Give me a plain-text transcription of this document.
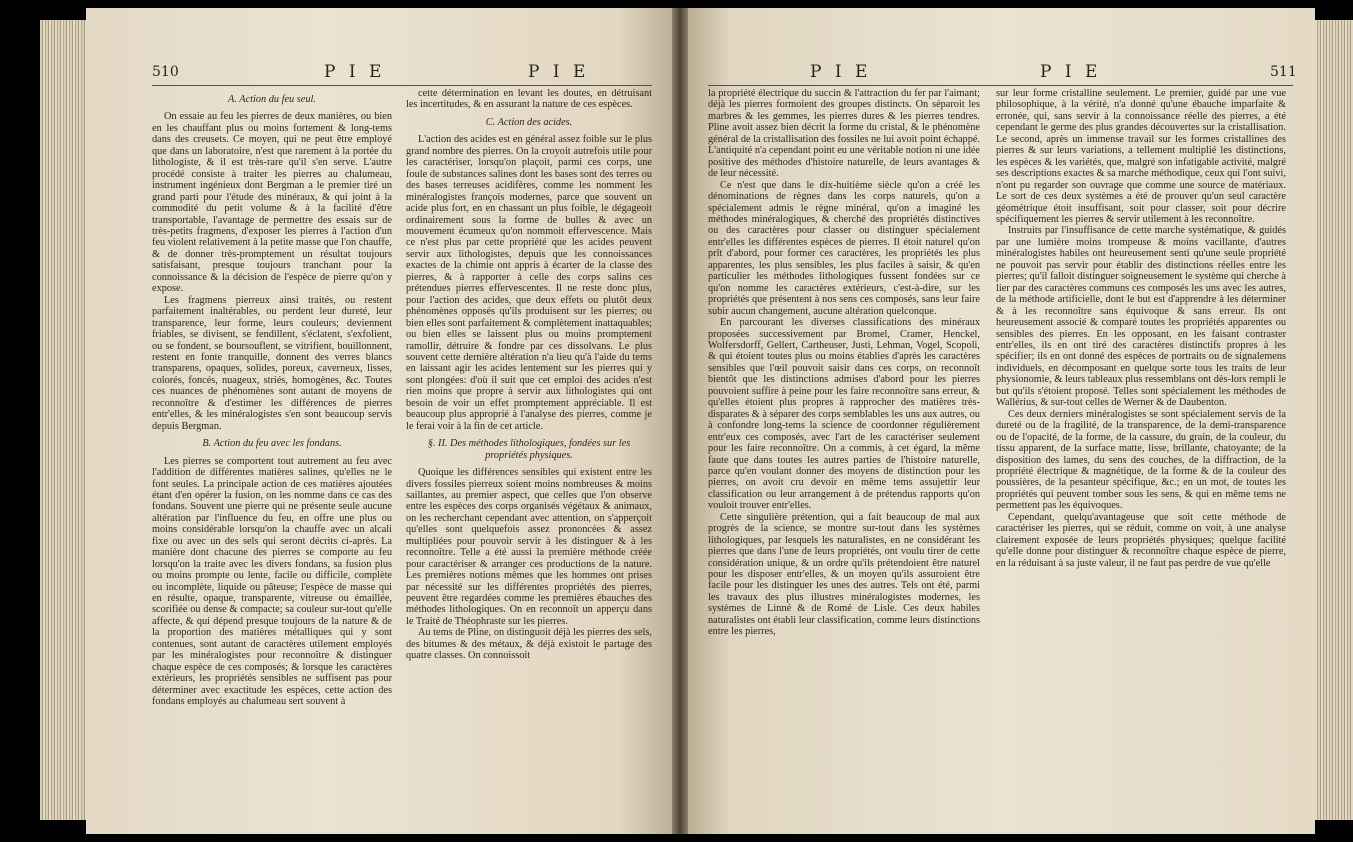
510	P I E	P I E

A. Action du feu seul.

On essaie au feu les pierres de deux manières, ou bien en les chauffant plus ou moins fortement & long-tems dans des creusets. Ce moyen, qui ne peut être employé que dans un laboratoire, n'est que rarement à la portée du lithologiste, & il est très-rare qu'il s'en serve. L'autre procédé consiste à traiter les pierres au chalumeau, instrument ingénieux dont Bergman a le premier tiré un grand parti pour l'étude des minéraux, & qui joint à la commodité du petit volume & à la facilité d'être transportable, l'avantage de permettre des essais sur de très-petits fragmens, d'exposer les pierres à l'action d'un feu violent relativement à la petite masse que l'on chauffe, & de donner très-promptement un résultat toujours satisfaisant, presque toujours tranchant pour la connoissance & la décision de l'espèce de pierre qu'on y expose.

Les fragmens pierreux ainsi traités, ou restent parfaitement inaltérables, ou perdent leur dureté, leur transparence, leur forme, leurs couleurs; deviennent friables, se divisent, se fendillent, s'éclatent, s'exfolient, ou se fondent, se boursouflent, se vitrifient, bouillonnent, restent en fonte tranquille, donnent des verres blancs transparens, opaques, solides, poreux, caverneux, lisses, colorés, foncés, nuageux, striés, homogènes, &c. Toutes ces nuances de phénomènes sont autant de moyens de reconnoître & d'estimer les différences de pierres entr'elles, & les minéralogistes s'en sont beaucoup servis depuis Bergman.

B. Action du feu avec les fondans.

Les pierres se comportent tout autrement au feu avec l'addition de différentes matières salines, qu'elles ne le font seules. La principale action de ces matières ajoutées étant d'en opérer la fusion, on les nomme dans ce cas des fondans. Souvent une pierre qui ne présente seule aucune altération par l'influence du feu, en offre une plus ou moins considérable lorsqu'on la chauffe avec un alcali fixe ou avec un des sels qui seront décrits ci-après. La manière dont chacune des pierres se comporte au feu lorsqu'on la traite avec les divers fondans, sa fusion plus ou moins prompte ou lente, facile ou difficile, complète ou incomplète, liquide ou pâteuse; l'espèce de masse qui en résulte, opaque, transparente, vitreuse ou émaillée, scorifiée ou dense & compacte; sa couleur sur-tout qu'elle affecte, & qui dépend presque toujours de la nature & de la proportion des matières métalliques qui y sont contenues, sont autant de caractères utilement employés par les minéralogistes pour reconnoître & distinguer chaque espèce de ces composés; & lorsque les caractères extérieurs, les propriétés sensibles ne suffisent pas pour déterminer avec exactitude les espèces, cette action des fondans employés au chalumeau sert souvent à

cette détermination en levant les doutes, en détruisant les incertitudes, & en assurant la nature de ces espèces.

C. Action des acides.

L'action des acides est en général assez foible sur le plus grand nombre des pierres. On la croyoit autrefois utile pour les caractériser, lorsqu'on plaçoit, parmi ces corps, une foule de substances salines dont les bases sont des terres ou des bases terreuses acidifères, comme les nomment les minéralogistes françois modernes, parce que souvent un acide plus fort, en en chassant un plus foible, le dégageoit ordinairement sous la forme de bulles & avec un mouvement écumeux qu'on nommoit effervescence. Mais ce n'est plus par cette propriété que les acides peuvent servir aux lithologistes, depuis que les connoissances exactes de la chimie ont appris à écarter de la classe des pierres, & à rapporter à celle des corps salins ces prétendues pierres effervescentes. Il ne reste donc plus, pour l'action des acides, que deux effets ou plutôt deux phénomènes opposés qu'ils produisent sur les pierres; ou bien elles sont parfaitement & complètement inattaquables; ou bien elles se laissent plus ou moins promptement ramollir, détruire & fondre par ces dissolvans. Le plus souvent cette dernière altération n'a lieu qu'à l'aide du tems en laissant agir les acides lentement sur les pierres qui y sont plongées: d'où il suit que cet emploi des acides n'est rien moins que propre à servir aux lithologistes qui ont besoin de voir un effet promptement appréciable. Il est beaucoup plus approprié à l'analyse des pierres, comme je le ferai voir à la fin de cet article.

§. II. Des méthodes lithologiques, fondées sur les propriétés physiques.

Quoique les différences sensibles qui existent entre les divers fossiles pierreux soient moins nombreuses & moins saillantes, au premier aspect, que celles que l'on observe entre les espèces des corps organisés végétaux & animaux, on les recherchant cependant avec attention, on s'apperçoit qu'elles sont quelquefois assez prononcées & assez multipliées pour pouvoir servir à les distinguer & à les reconnoître. Telle a été aussi la première méthode créée pour caractériser & arranger ces productions de la nature. Les premières notions mêmes que les hommes ont prises par nécessité sur les différentes propriétés des pierres, peuvent être regardées comme les premières ébauches des méthodes lithologiques. On en reconnoît un apperçu dans le Traité de Théophraste sur les pierres.

Au tems de Pline, on distinguoit déjà les pierres des sels, des bitumes & des métaux, & déjà existoit le partage des quatre classes. On connoissoit

P I E	P I E	511

la propriété électrique du succin & l'attraction du fer par l'aimant; déjà les pierres formoient des groupes distincts. On séparoit les marbres & les gemmes, les pierres dures & les pierres tendres. Pline avoit assez bien décrit la forme du cristal, & le phénomène général de la cristallisation des fossiles ne lui avoit point échappé. L'antiquité n'a cependant point eu une véritable notion ni une idée positive des méthodes d'histoire naturelle, de leurs avantages & de leur nécessité.

Ce n'est que dans le dix-huitième siècle qu'on a créé les dénominations de règnes dans les corps naturels, qu'on a spécialement admis le règne minéral, qu'on a imaginé les méthodes minéralogiques, & cherché des propriétés distinctives ou des caractères pour classer ou distinguer spécialement entr'elles les différentes espèces de pierres. Il étoit naturel qu'on prît d'abord, pour former ces caractères, les propriétés les plus apparentes, les plus sensibles, les plus faciles à saisir, & qu'en particulier les méthodes lithologiques fussent fondées sur ce qu'on nomme les caractères extérieurs, c'est-à-dire, sur les propriétés que présentent à nos sens ces composés, sans leur faire subir aucun changement, aucune altération quelconque.

En parcourant les diverses classifications des minéraux proposées successivement par Bromel, Cramer, Henckel, Wolfersdorff, Gellert, Cartheuser, Justi, Lehman, Vogel, Scopoli, & qui étoient toutes plus ou moins établies d'après les caractères sensibles que l'œil pouvoit saisir dans ces corps, on reconnoît bientôt que les distinctions admises d'abord pour les pierres pouvoient suffire à peine pour les faire reconnoître sans erreur, & qu'elles étoient plus propres à rapprocher des matières très-disparates & à séparer des corps semblables les uns aux autres, ou à confondre long-tems la science de coordonner régulièrement entr'eux ces composés, avec l'art de les caractériser seulement pour les faire reconnoître. On a commis, à cet égard, la même faute que dans toutes les autres parties de l'histoire naturelle, parce qu'en voulant donner des moyens de distinction pour les pierres, on avoit cru devoir en même tems assujettir leur classification ou leur arrangement à de prétendus rapports qu'on vouloit trouver entr'elles.

Cette singulière prétention, qui a fait beaucoup de mal aux progrès de la science, se montre sur-tout dans les systèmes lithologiques, par lesquels les naturalistes, en ne considérant les pierres que dans l'une de leurs propriétés, ont voulu tirer de cette considération unique, & un ordre qu'ils prétendoient être naturel pour les disposer entr'elles, & un moyen qu'ils assuroient être facile pour les distinguer les unes des autres. Tels ont été, parmi les travaux des plus illustres minéralogistes modernes, les systèmes de Linné & de Romé de Lisle. Ces deux habiles naturalistes ont établi leur classification, comme leurs distinctions entre les pierres,

sur leur forme cristalline seulement. Le premier, guidé par une vue philosophique, à la vérité, n'a donné qu'une ébauche imparfaite & erronée, qui, sans servir à la connoissance réelle des pierres, a été cependant le germe des plus grandes découvertes sur la cristallisation. Le second, après un immense travail sur les formes cristallines des pierres & sur leurs variations, a tellement multiplié les distinctions, les espèces & les variétés, que, malgré son infatigable activité, malgré ses descriptions exactes & sa marche méthodique, ceux qui l'ont suivi, n'ont pu regarder son ouvrage que comme une source de matériaux. Le sort de ces deux systèmes a été de prouver qu'un seul caractère géométrique étoit insuffisant, soit pour classer, soit pour décrire spécifiquement les pierres & servir utilement à les reconnoître.

Instruits par l'insuffisance de cette marche systématique, & guidés par une lumière moins trompeuse & moins vacillante, d'autres minéralogistes habiles ont heureusement senti qu'une seule propriété ne pouvoit pas servir pour établir des distinctions réelles entre les pierres; qu'il falloit distinguer soigneusement le système qui cherche à lier par des caractères communs ces composés les uns avec les autres, de la méthode artificielle, dont le but est d'apprendre à les déterminer & à les reconnoître sans équivoque & sans erreur. Ils ont heureusement associé & comparé toutes les propriétés apparentes ou sensibles des pierres. En les opposant, en les faisant contraster entr'elles, ils en ont tiré des caractères distinctifs propres à les spécifier; ils en ont donné des espèces de portraits ou de signalemens individuels, en décomposant en quelque sorte tous les traits de leur physionomie, & leurs tableaux plus ressemblans ont dès-lors rempli le but qu'ils s'étoient proposé. Telles sont spécialement les méthodes de Wallérius, & sur-tout celles de Werner & de Daubenton.

Ces deux derniers minéralogistes se sont spécialement servis de la dureté ou de la fragilité, de la transparence, de la demi-transparence ou de l'opacité, de la forme, de la cassure, du grain, de la couleur, du tissu apparent, de la surface matte, lisse, brillante, chatoyante; de la disposition des lames, du sens des couches, de la diffraction, de la propriété électrique & magnétique, de la forme & de la couleur des poussières, de la pesanteur spécifique, &c.; en un mot, de toutes les propriétés qui peuvent tomber sous les sens, & qui en même tems ne permettent pas les équivoques.

Cependant, quelqu'avantageuse que soit cette méthode de caractériser les pierres, qui se réduit, comme on voit, à une analyse clairement exposée de leurs propriétés physiques; quelque facilité qu'elle donne pour distinguer & reconnoître chaque espèce de pierre, en la réduisant à sa juste valeur, il ne faut pas perdre de vue qu'elle
